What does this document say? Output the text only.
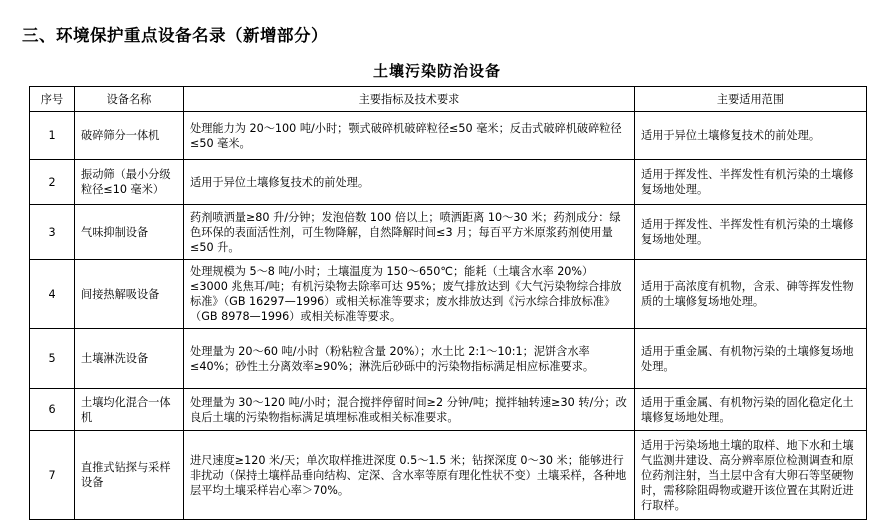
三、环境保护重点设备名录（新增部分）
土壤污染防治设备
序号	设备名称	主要指标及技术要求	主要适用范围
1	破碎筛分一体机	处理能力为 20～100 吨/小时；颚式破碎机破碎粒径≤50 毫米；反击式破碎机破碎粒径≤50 毫米。	适用于异位土壤修复技术的前处理。
2	振动筛（最小分级粒径≤10 毫米）	适用于异位土壤修复技术的前处理。	适用于挥发性、半挥发性有机污染的土壤修复场地处理。
3	气味抑制设备	药剂喷洒量≥80 升/分钟；发泡倍数 100 倍以上；喷洒距离 10～30 米；药剂成分：绿色环保的表面活性剂，可生物降解，自然降解时间≤3 月；每百平方米原浆药剂使用量≤50 升。	适用于挥发性、半挥发性有机污染的土壤修复场地处理。
4	间接热解吸设备	处理规模为 5～8 吨/小时；土壤温度为 150～650℃；能耗（土壤含水率 20%）≤3000 兆焦耳/吨；有机污染物去除率可达 95%；废气排放达到《大气污染物综合排放标准》（GB 16297—1996）或相关标准等要求；废水排放达到《污水综合排放标准》（GB 8978—1996）或相关标准等要求。	适用于高浓度有机物，含汞、砷等挥发性物质的土壤修复场地处理。
5	土壤淋洗设备	处理量为 20～60 吨/小时（粉粘粒含量 20%）；水土比 2:1～10:1；泥饼含水率≤40%；砂性土分离效率≥90%；淋洗后砂砾中的污染物指标满足相应标准要求。	适用于重金属、有机物污染的土壤修复场地处理。
6	土壤均化混合一体机	处理量为 30～120 吨/小时；混合搅拌停留时间≥2 分钟/吨；搅拌轴转速≥30 转/分；改良后土壤的污染物指标满足填埋标准或相关标准要求。	适用于重金属、有机物污染的固化稳定化土壤修复场地处理。
7	直推式钻探与采样设备	进尺速度≥120 米/天；单次取样推进深度 0.5～1.5 米；钻探深度 0～30 米；能够进行非扰动（保持土壤样品垂向结构、定深、含水率等原有理化性状不变）土壤采样，各种地层平均土壤采样岩心率＞70%。	适用于污染场地土壤的取样、地下水和土壤气监测井建设、高分辨率原位检测调查和原位药剂注射，当土层中含有大卵石等坚硬物时，需移除阻碍物或避开该位置在其附近进行取样。
